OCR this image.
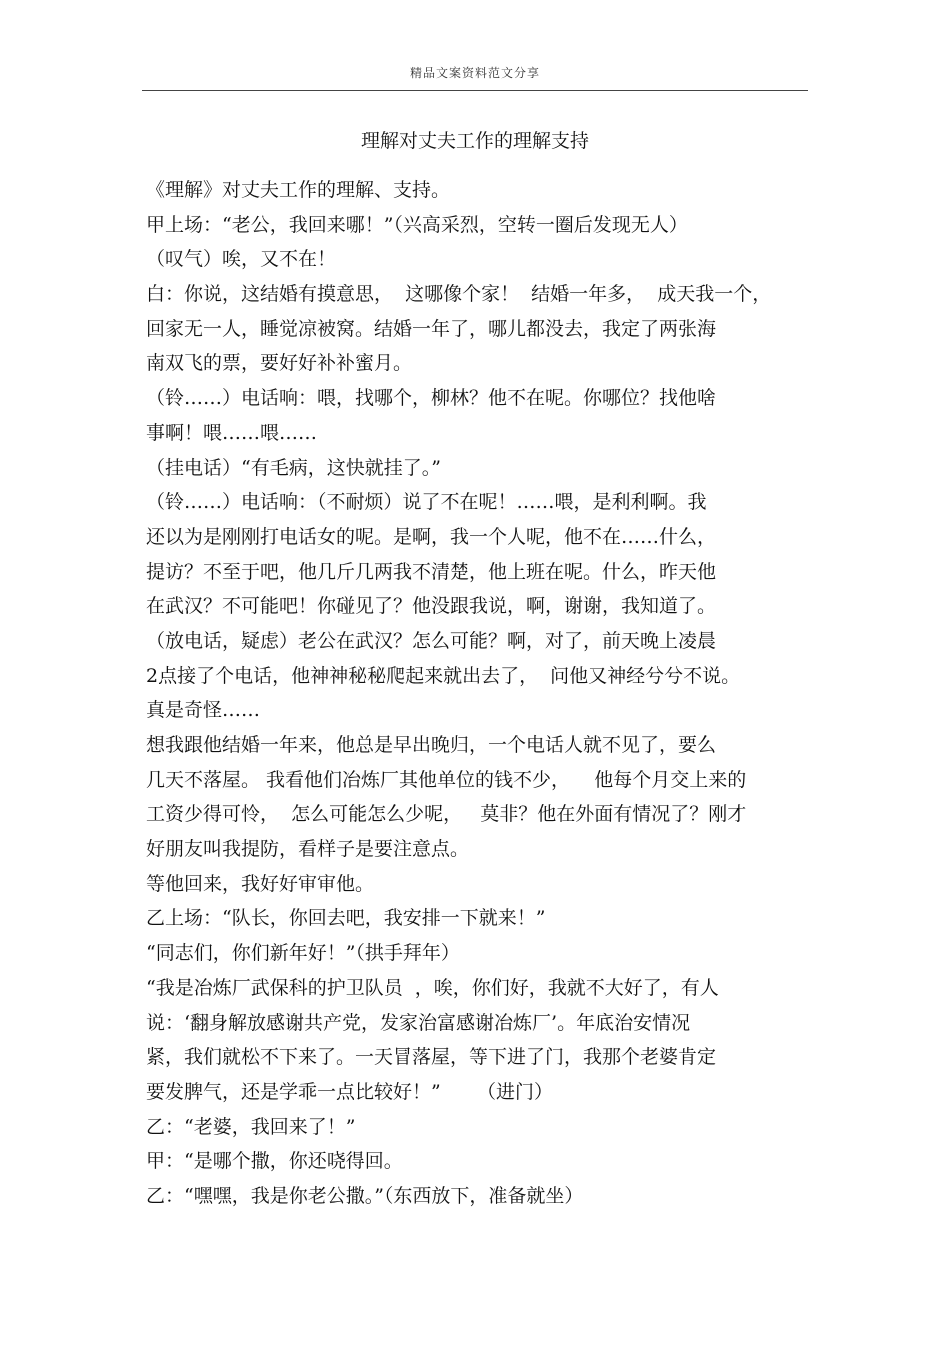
精品文案资料范文分享
理解对丈夫工作的理解支持
《理解》对丈夫工作的理解、支持。
甲上场：“老公，我回来哪！”（兴高采烈，空转一圈后发现无人）
（叹气）唉，又不在！
白：你说，这结婚有摸意思，  这哪像个家！  结婚一年多，  成天我一个，
回家无一人，睡觉凉被窝。结婚一年了，哪儿都没去，我定了两张海
南双飞的票，要好好补补蜜月。
（铃……）电话响：喂，找哪个，柳林？他不在呢。你哪位？找他啥
事啊！喂……喂……
（挂电话）“有毛病，这快就挂了。”
（铃……）电话响：（不耐烦）说了不在呢！……喂，是利利啊。我
还以为是刚刚打电话女的呢。是啊，我一个人呢，他不在……什么，
提访？不至于吧，他几斤几两我不清楚，他上班在呢。什么，昨天他
在武汉？不可能吧！你碰见了？他没跟我说，啊，谢谢，我知道了。
（放电话，疑虑）老公在武汉？怎么可能？啊，对了，前天晚上凌晨
2点接了个电话，他神神秘秘爬起来就出去了，  问他又神经兮兮不说。
真是奇怪……
想我跟他结婚一年来，他总是早出晚归，一个电话人就不见了，要么
几天不落屋。 我看他们冶炼厂其他单位的钱不少，    他每个月交上来的
工资少得可怜，  怎么可能怎么少呢，   莫非？他在外面有情况了？刚才
好朋友叫我提防，看样子是要注意点。
等他回来，我好好审审他。
乙上场：“队长，你回去吧，我安排一下就来！”
“同志们，你们新年好！”（拱手拜年）
“我是冶炼厂武保科的护卫队员  ，唉，你们好，我就不大好了，有人
说：‘翻身解放感谢共产党，发家治富感谢冶炼厂’。年底治安情况
紧，我们就松不下来了。一天冒落屋，等下进了门，我那个老婆肯定
要发脾气，还是学乖一点比较好！”      （进门）
乙：“老婆，我回来了！”
甲：“是哪个撒，你还哓得回。
乙：“嘿嘿，我是你老公撒。”（东西放下，准备就坐）
